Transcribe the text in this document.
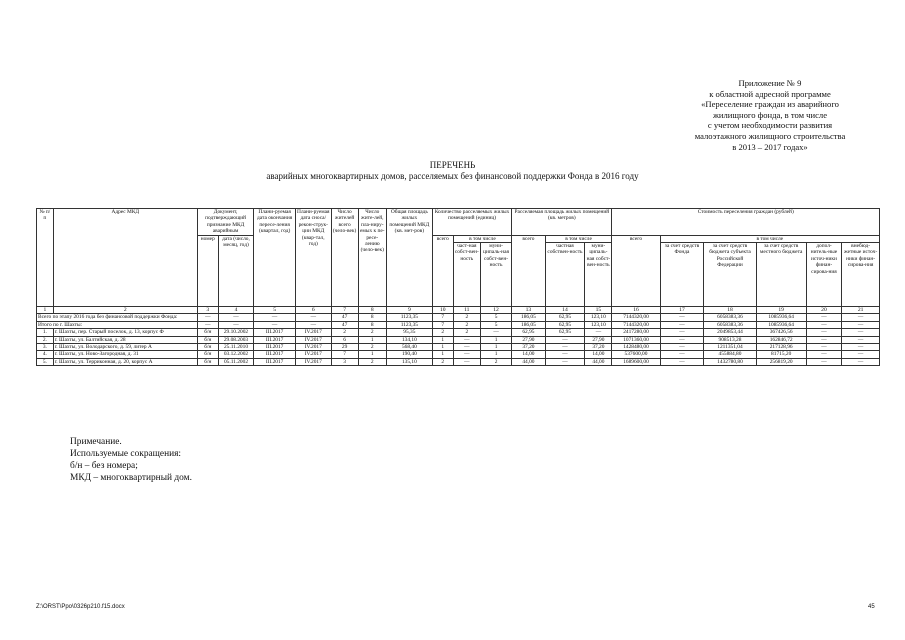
Приложение № 9
к областной адресной программе
«Переселение граждан из аварийного
жилищного фонда, в том числе
с учетом необходимости развития
малоэтажного жилищного строительства
в 2013 – 2017 годах»
ПЕРЕЧЕНЬ
аварийных многоквартирных домов, расселяемых без финансовой поддержки Фонда в 2016 году
№ п/п	Адрес МКД	Документ, подтверждающий признание МКД аварийным		Плани-руемая дата окончания пересе-ления (квартал, год)	Плани-руемая дата сноса/ рекон-струк-ции МКД (квар-тал, год)	Число жителей всего (чело-век)	Число жите-лей, пла-ниру-емых к пе-ресе-лению (чело-век)	Общая площадь жилых помещений МКД (кв. мет-ров)	Количество расселяемых жилых помещений (единиц)			Расселяемая площадь жилых помещений (кв. метров)			Стоимость переселения граждан (рублей)					
		номер	дата (число, месяц, год)						всего	в том числе		всего	в том числе		всего	в том числе				
										част-ная собст-вен-ность	муни-ципаль-ная собст-вен-ность		частная собствен-ность	муни-ципаль-ная собст-вен-ность		за счет средств Фонда	за счет средств бюджета субъекта Российской Федерации	за счет средств местного бюджета	допол-нитель-ные источ-ники финан-сирова-ния	внебюд-жетные источ-ники финан-сирова-ния
1	2	3	4	5	6	7	8	9	10	11	12	13	14	15	16	17	18	19	20	21
Всего по этапу 2016 года без финансовой поддержки Фонда:		—	—	—	—	47	8	1123,35	7	2	5	186,05	62,95	123,10	7144320,00	—	6058383,36	1085936,64	—	—
Итого по г. Шахты:		—	—	—	—	47	8	1123,35	7	2	5	186,05	62,95	123,10	7144320,00	—	6058383,36	1085936,64	—	—
1.	г. Шахты, пер. Старый поселок, д. 13, корпус Ф	б/н	29.10.2002	III.2017	IV.2017	2	2	95,35	2	2	—	62,95	62,95	—	2417280,00	—	2049853,44	367426,56	—	—
2.	г. Шахты, ул. Балтийская, д. 28	б/н	29.08.2003	III.2017	IV.2017	6	1	134,10	1	—	1	27,90	—	27,90	1071360,00	—	908513,28	162846,72	—	—
3.	г. Шахты, ул. Володарского, д. 59, литер А	б/н	25.11.2010	III.2017	IV.2017	29	2	568,40	1	—	1	37,20	—	37,20	1428480,00	—	1211351,04	217128,96	—	—
4.	г. Шахты, ул. Ново-Загородная, д. 31	б/н	03.12.2002	III.2017	IV.2017	7	1	190,40	1	—	1	14,00	—	14,00	537600,00	—	455884,80	81715,20	—	—
5.	г. Шахты, ул. Терриконная, д. 20, корпус А	б/н	05.11.2002	III.2017	IV.2017	3	2	135,10	2	—	2	44,00	—	44,00	1689600,00	—	1432780,80	256819,20	—	—
Примечание.
Используемые сокращения:
б/н – без номера;
МКД – многоквартирный дом.
Z:\ORST\Ppo\0326p210.f15.docx	45
